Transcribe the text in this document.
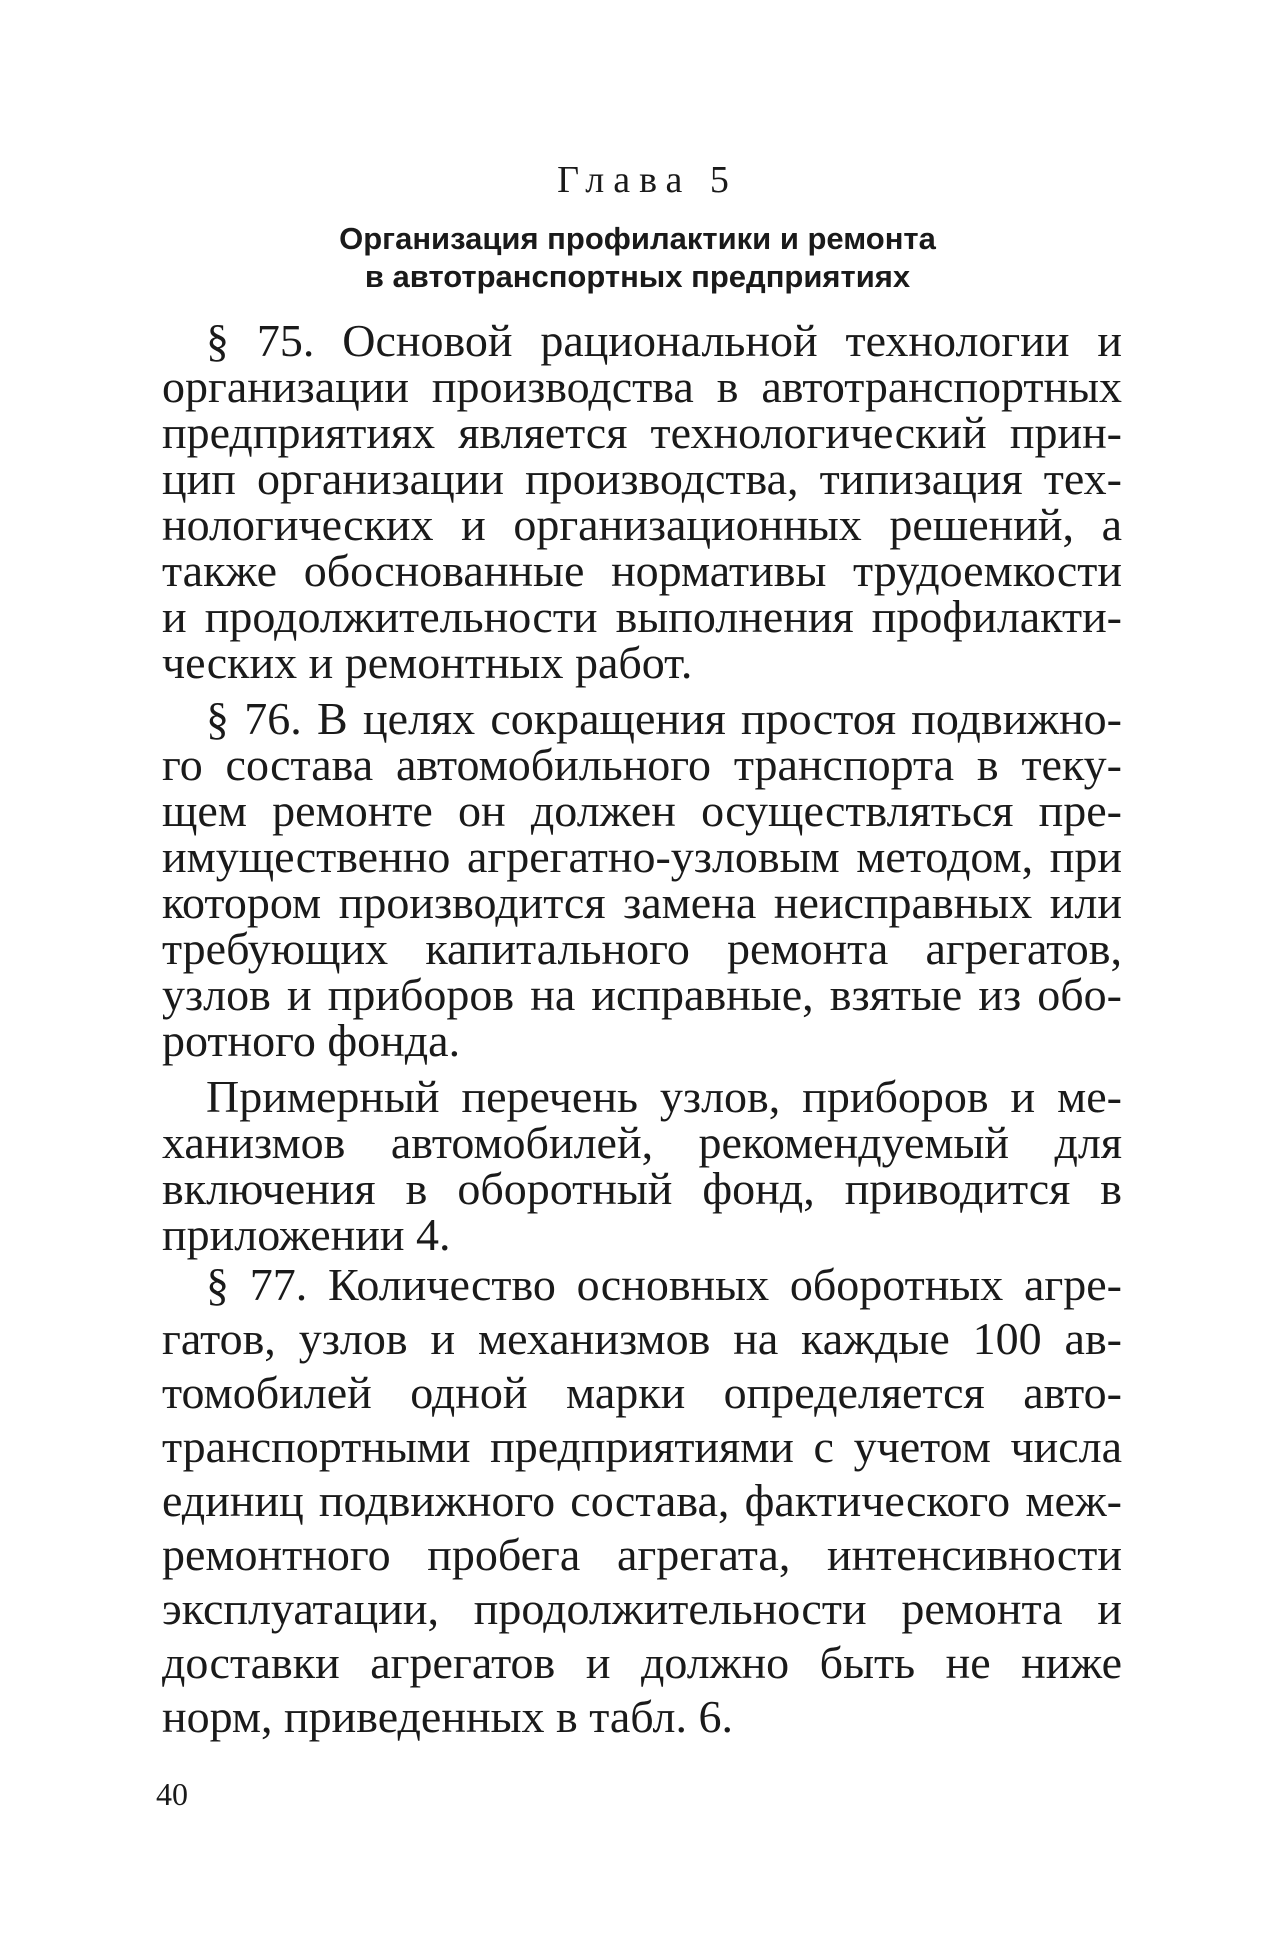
Глава 5
Организация профилактики и ремонта
в автотранспортных предприятиях
§ 75. Основой рациональной технологии и
организации производства в автотранспортных
предприятиях является технологический прин-
цип организации производства, типизация тех-
нологических и организационных решений, а
также обоснованные нормативы трудоемкости
и продолжительности выполнения профилакти-
ческих и ремонтных работ.
§ 76. В целях сокращения простоя подвижно-
го состава автомобильного транспорта в теку-
щем ремонте он должен осуществляться пре-
имущественно агрегатно-узловым методом, при
котором производится замена неисправных или
требующих капитального ремонта агрегатов,
узлов и приборов на исправные, взятые из обо-
ротного фонда.
Примерный перечень узлов, приборов и ме-
ханизмов автомобилей, рекомендуемый для
включения в оборотный фонд, приводится в
приложении 4.
§ 77. Количество основных оборотных агре-
гатов, узлов и механизмов на каждые 100 ав-
томобилей одной марки определяется авто-
транспортными предприятиями с учетом числа
единиц подвижного состава, фактического меж-
ремонтного пробега агрегата, интенсивности
эксплуатации, продолжительности ремонта и
доставки агрегатов и должно быть не ниже
норм, приведенных в табл. 6.
40
